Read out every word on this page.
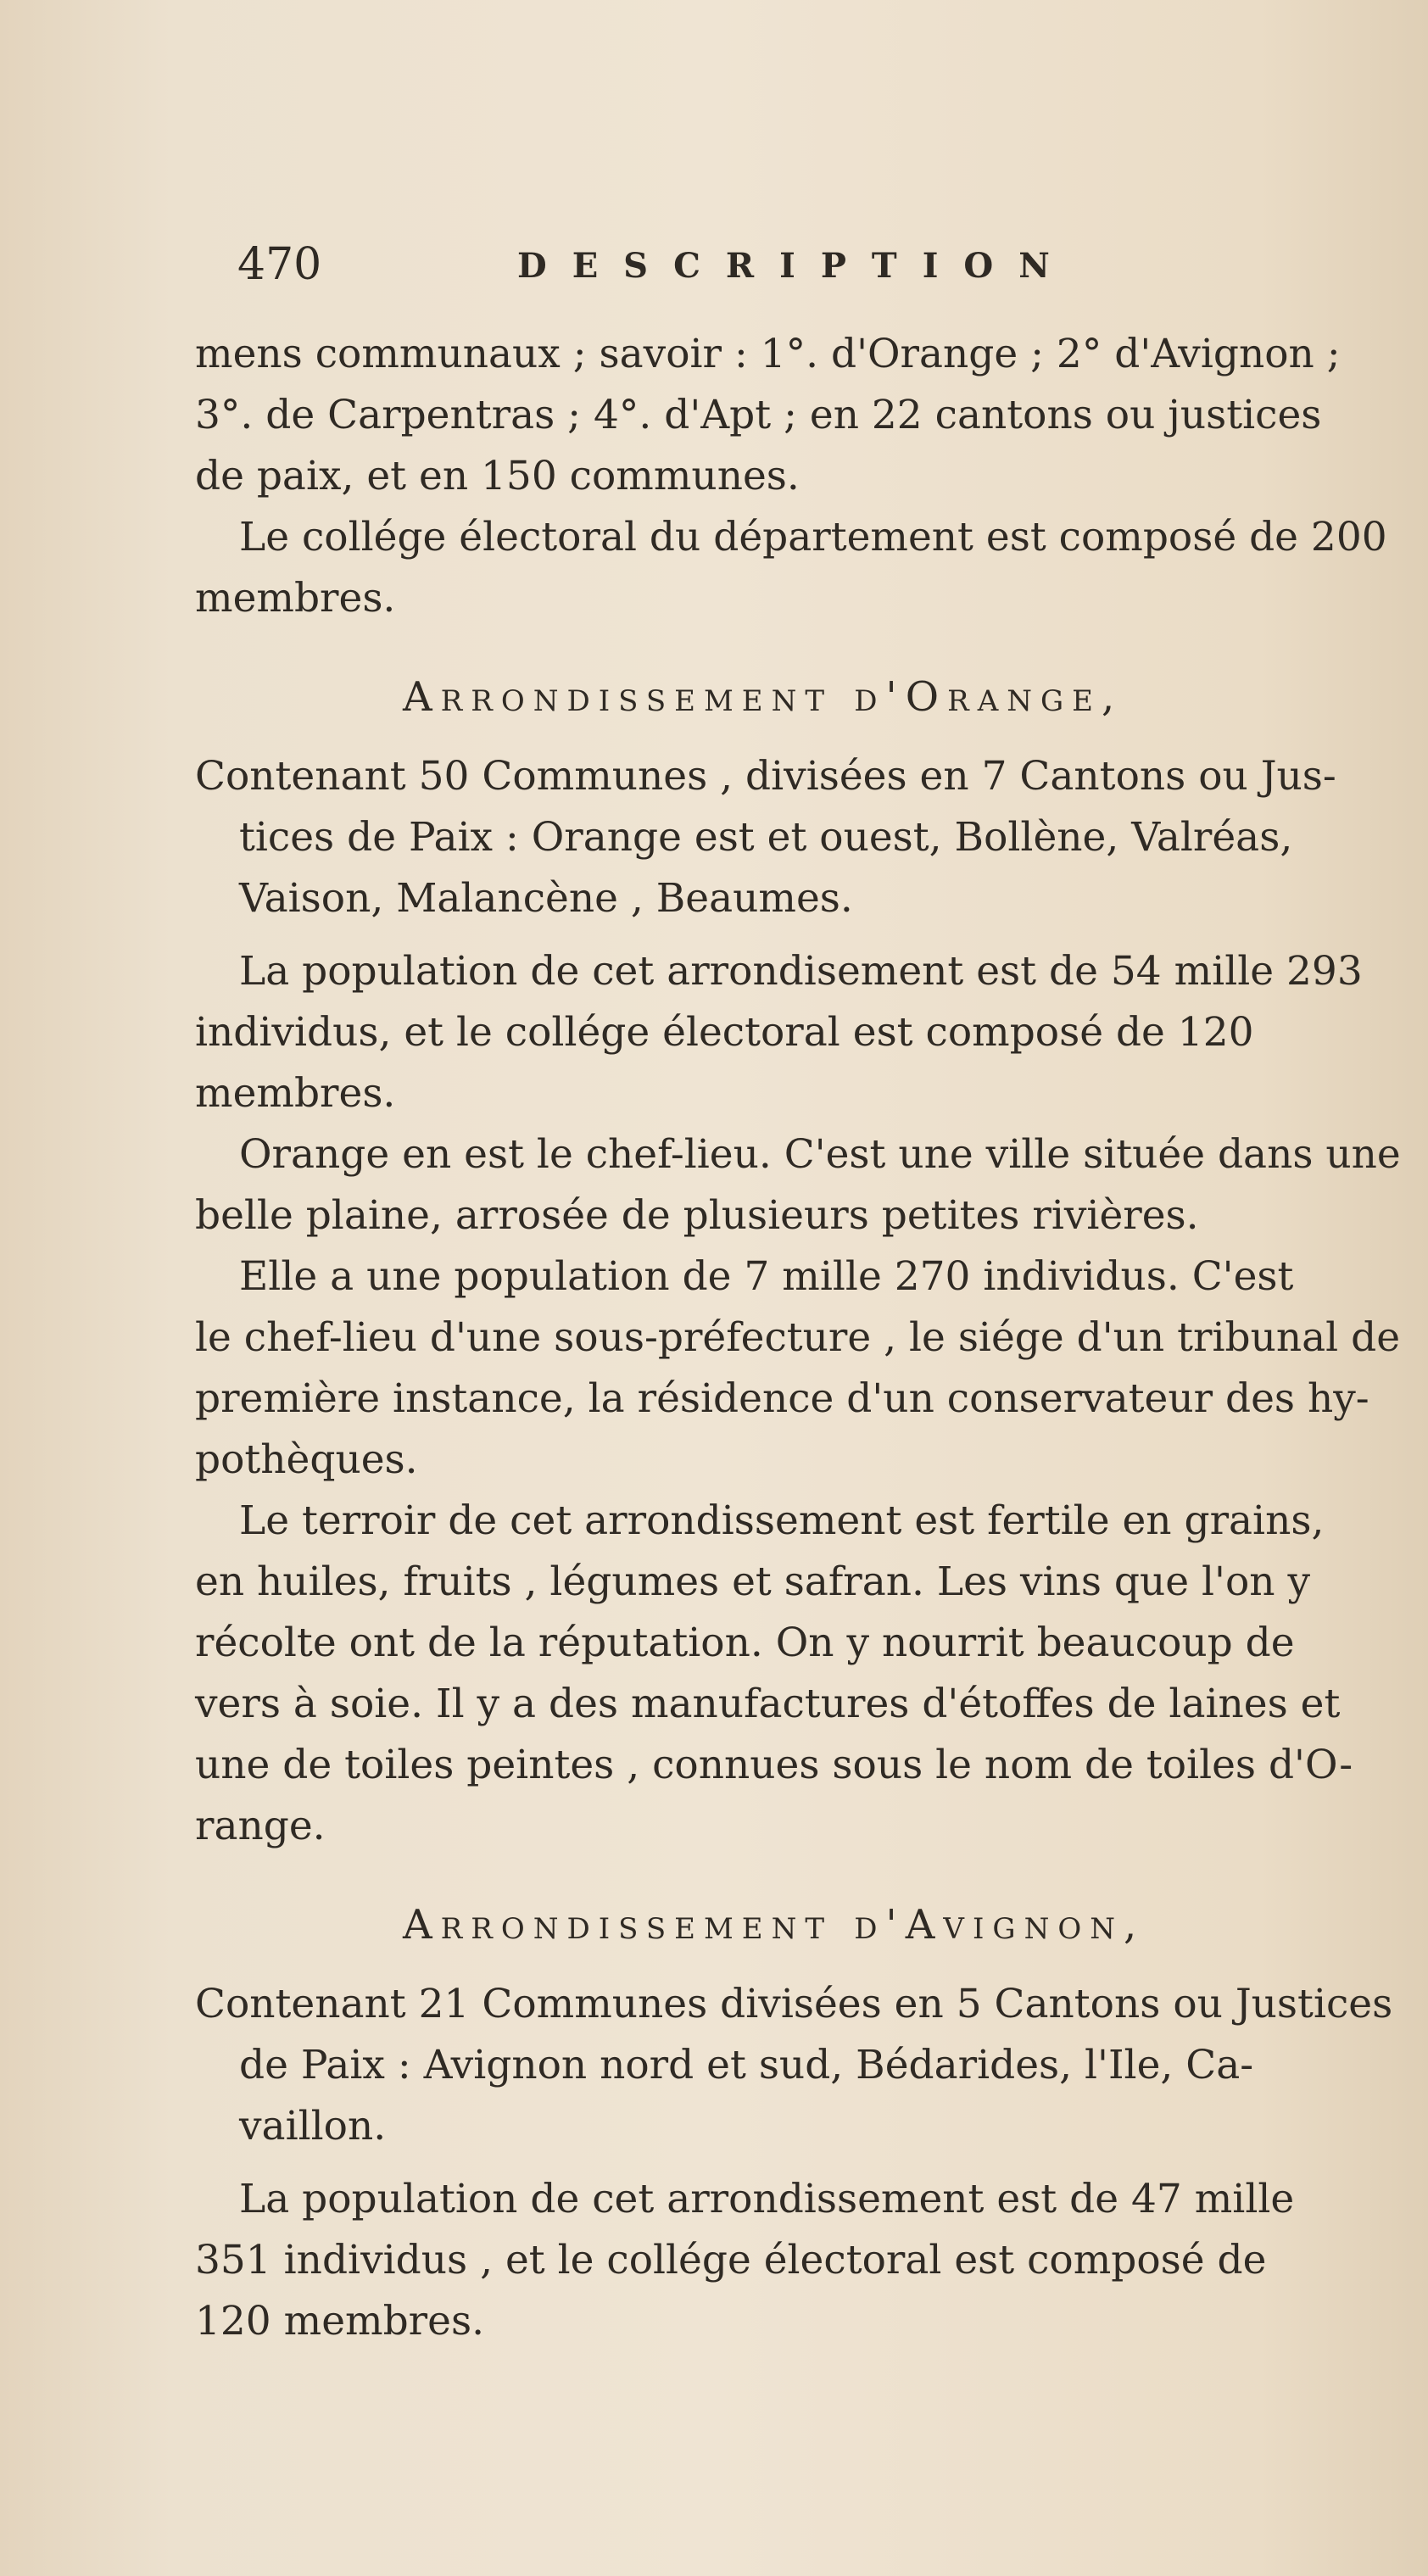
470	DESCRIPTION

mens communaux ; savoir : 1°. d'Orange ; 2° d'Avignon ;
3°. de Carpentras ; 4°. d'Apt ; en 22 cantons ou justices
de paix, et en 150 communes.

Le collége électoral du département est composé de 200

membres.

Arrondissement d'Orange,

Contenant 50 Communes , divisées en 7 Cantons ou Jus-
tices de Paix : Orange est et ouest, Bollène, Valréas,
Vaison, Malancène , Beaumes.

La population de cet arrondisement est de 54 mille 293
individus, et le collége électoral est composé de 120
membres.

Orange en est le chef-lieu. C'est une ville située dans une
belle plaine, arrosée de plusieurs petites rivières.

Elle a une population de 7 mille 270 individus. C'est
le chef-lieu d'une sous-préfecture , le siége d'un tribunal de
première instance, la résidence d'un conservateur des hy-
pothèques.

Le terroir de cet arrondissement est fertile en grains,
en huiles, fruits , légumes et safran. Les vins que l'on y
récolte ont de la réputation. On y nourrit beaucoup de
vers à soie. Il y a des manufactures d'étoffes de laines et
une de toiles peintes , connues sous le nom de toiles d'O-
range.

Arrondissement d'Avignon,

Contenant 21 Communes divisées en 5 Cantons ou Justices
de Paix : Avignon nord et sud, Bédarides, l'Ile, Ca-
vaillon.

La population de cet arrondissement est de 47 mille
351 individus , et le collége électoral est composé de
120 membres.
